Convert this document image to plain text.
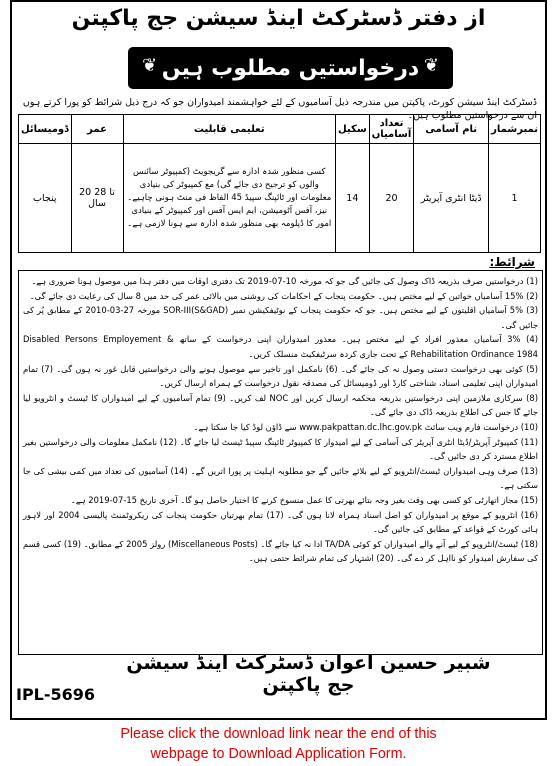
از دفتر ڈسٹرکٹ اینڈ سیشن جج پاکپتن
❦ درخواستیں مطلوب ہیں ❦
ڈسٹرکٹ اینڈ سیشن کورٹ، پاکپتن میں مندرجہ ذیل آسامیوں کے لئے خواہشمند امیدواران جو کہ درج ذیل شرائط کو پورا کرتے ہوں ان سے درخواستیں مطلوب ہیں۔
ڈومیسائل	عمر	تعلیمی قابلیت	سکیل	تعداد آسامیاں	نام آسامی	نمبرشمار
پنجاب	20 تا 28 سال	کسی منظور شدہ ادارہ سے گریجویٹ (کمپیوٹر سائنس والوں کو ترجیح دی جائے گی) مع کمپیوٹر کی بنیادی معلومات اور ٹائپنگ سپیڈ 45 الفاظ فی منٹ ہونی چاہیے۔ نیز، آفس آٹومیشن، ایم ایس آفس اور کمپیوٹر کے بنیادی امور کا ڈپلومہ بھی منظور شدہ ادارہ سے ہونا لازمی ہے۔	14	20	ڈیٹا انٹری آپریٹر	1
شرائط:

(1) درخواستیں صرف بذریعہ ڈاک وصول کی جائیں گی جو کہ مورخہ 10-07-2019 تک دفتری اوقات میں دفتر ہذا میں موصول ہونا ضروری ہے۔

(2) 15% آسامیاں خواتین کے لیے مختص ہیں۔ حکومت پنجاب کے احکامات کی روشنی میں بالائی عمر کی حد میں 8 سال کی رعایت دی جائے گی۔

(3) 5% آسامیاں اقلیتوں کے لیے مختص ہیں۔ جو کہ حکومت پنجاب کے نوٹیفکیشن نمبر SOR-III(S&GAD) مورخہ 27-03-2010 کے مطابق پُر کی جائیں گی۔

(4) 3% آسامیاں معذور افراد کے لیے مختص ہیں۔ معذور امیدواران اپنی درخواست کے ساتھ Disabled Persons Employement & Rehabilitation Ordinance 1984 کے تحت جاری کردہ سرٹیفکیٹ منسلک کریں۔

(5) کوئی بھی درخواست دستی وصول نہ کی جائے گی۔ (6) نامکمل اور تاخیر سے موصول ہونے والی درخواستیں قابل غور نہ ہوں گی۔ (7) تمام امیدواران اپنی تعلیمی اسناد، شناختی کارڈ اور ڈومیسائل کی مصدقہ نقول درخواست کے ہمراہ ارسال کریں۔

(8) سرکاری ملازمین اپنی درخواستیں بذریعہ محکمہ ارسال کریں اور NOC لف کریں۔ (9) تمام آسامیوں کے لیے امیدواران کا ٹیسٹ و انٹرویو لیا جائے گا جس کی اطلاع بذریعہ ڈاک دی جائے گی۔

(10) درخواست فارم ویب سائٹ www.pakpattan.dc.lhc.gov.pk سے ڈاؤن لوڈ کیا جا سکتا ہے۔

(11) کمپیوٹر آپریٹر/ڈیٹا انٹری آپریٹر کی آسامی کے لیے امیدوار کا کمپیوٹر ٹائپنگ سپیڈ ٹیسٹ لیا جائے گا۔ (12) نامکمل معلومات والی درخواستیں بغیر اطلاع مسترد کر دی جائیں گی۔

(13) صرف وہی امیدواران ٹیسٹ/انٹرویو کے لیے بلائے جائیں گے جو مطلوبہ اہلیت پر پورا اتریں گے۔ (14) آسامیوں کی تعداد میں کمی بیشی کی جا سکتی ہے۔

(15) مجاز اتھارٹی کو کسی بھی وقت بغیر وجہ بتائے بھرتی کا عمل منسوخ کرنے کا اختیار حاصل ہو گا۔ آخری تاریخ 15-07-2019 ہے۔

(16) انٹرویو کے موقع پر امیدواران کو اصل اسناد ہمراہ لانا ہوں گی۔ (17) تمام بھرتیاں حکومت پنجاب کی ریکروٹمنٹ پالیسی 2004 اور لاہور ہائی کورٹ کے قواعد کے مطابق کی جائیں گی۔

(18) ٹیسٹ/انٹرویو کے لیے آنے والے امیدواران کو کوئی TA/DA ادا نہ کیا جائے گا۔ (Miscellaneous Posts) رولز 2005 کے مطابق۔ (19) کسی قسم کی سفارش امیدوار کو نااہل کر دے گی۔ (20) اشتہار کی تمام شرائط حتمی ہیں۔

شبیر حسین اعوان ڈسٹرکٹ اینڈ سیشن جج پاکپتن
IPL-5696
Please click the download link near the end of this
webpage to Download Application Form.
